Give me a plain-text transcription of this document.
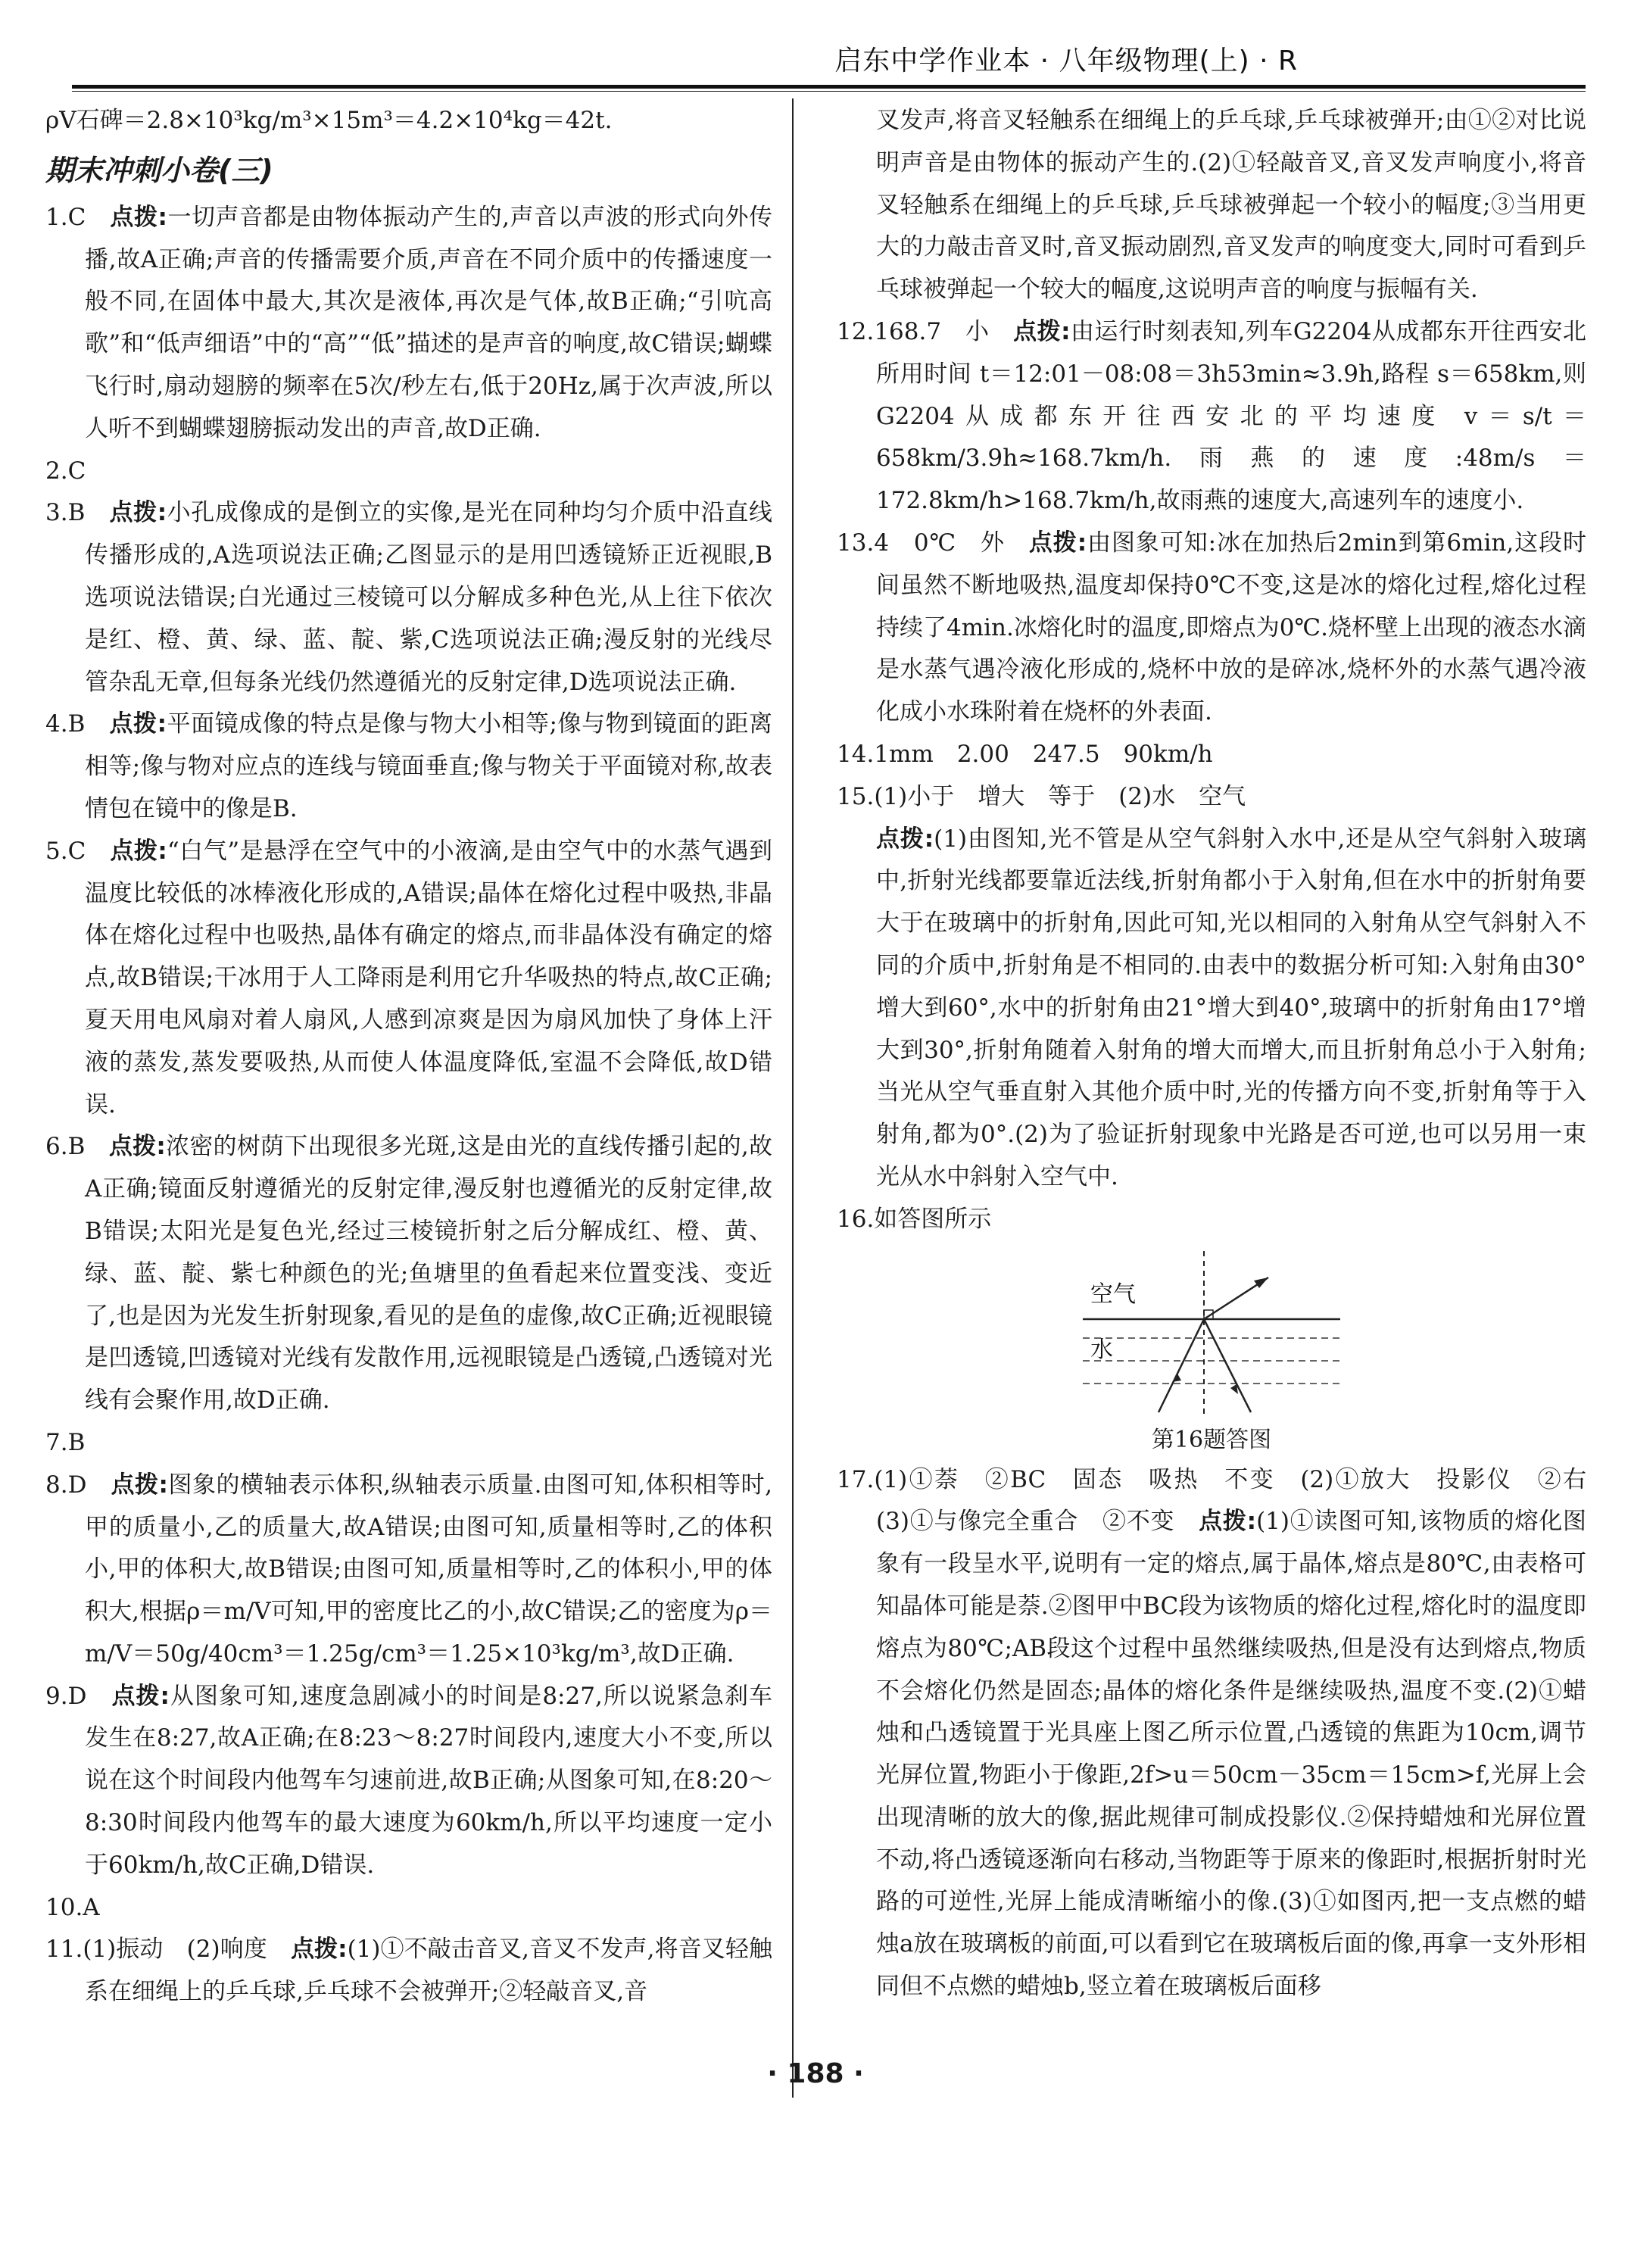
启东中学作业本 · 八年级物理(上) · R

ρV石碑＝2.8×10³kg/m³×15m³＝4.2×10⁴kg＝42t.

期末冲刺小卷(三)

1.C　 点拨:一切声音都是由物体振动产生的,声音以声波的形式向外传播,故A正确;声音的传播需要介质,声音在不同介质中的传播速度一般不同,在固体中最大,其次是液体,再次是气体,故B正确;“引吭高歌”和“低声细语”中的“高”“低”描述的是声音的响度,故C错误;蝴蝶飞行时,扇动翅膀的频率在5次/秒左右,低于20Hz,属于次声波,所以人听不到蝴蝶翅膀振动发出的声音,故D正确.

2.C

3.B　 点拨:小孔成像成的是倒立的实像,是光在同种均匀介质中沿直线传播形成的,A选项说法正确;乙图显示的是用凹透镜矫正近视眼,B选项说法错误;白光通过三棱镜可以分解成多种色光,从上往下依次是红、橙、黄、绿、蓝、靛、紫,C选项说法正确;漫反射的光线尽管杂乱无章,但每条光线仍然遵循光的反射定律,D选项说法正确.

4.B　 点拨:平面镜成像的特点是像与物大小相等;像与物到镜面的距离相等;像与物对应点的连线与镜面垂直;像与物关于平面镜对称,故表情包在镜中的像是B.

5.C　 点拨:“白气”是悬浮在空气中的小液滴,是由空气中的水蒸气遇到温度比较低的冰棒液化形成的,A错误;晶体在熔化过程中吸热,非晶体在熔化过程中也吸热,晶体有确定的熔点,而非晶体没有确定的熔点,故B错误;干冰用于人工降雨是利用它升华吸热的特点,故C正确;夏天用电风扇对着人扇风,人感到凉爽是因为扇风加快了身体上汗液的蒸发,蒸发要吸热,从而使人体温度降低,室温不会降低,故D错误.

6.B　 点拨:浓密的树荫下出现很多光斑,这是由光的直线传播引起的,故A正确;镜面反射遵循光的反射定律,漫反射也遵循光的反射定律,故B错误;太阳光是复色光,经过三棱镜折射之后分解成红、橙、黄、绿、蓝、靛、紫七种颜色的光;鱼塘里的鱼看起来位置变浅、变近了,也是因为光发生折射现象,看见的是鱼的虚像,故C正确;近视眼镜是凹透镜,凹透镜对光线有发散作用,远视眼镜是凸透镜,凸透镜对光线有会聚作用,故D正确.

7.B

8.D　 点拨:图象的横轴表示体积,纵轴表示质量.由图可知,体积相等时,甲的质量小,乙的质量大,故A错误;由图可知,质量相等时,乙的体积小,甲的体积大,故B错误;由图可知,质量相等时,乙的体积小,甲的体积大,根据ρ＝m/V可知,甲的密度比乙的小,故C错误;乙的密度为ρ＝m/V＝50g/40cm³＝1.25g/cm³＝1.25×10³kg/m³,故D正确.

9.D　 点拨:从图象可知,速度急剧减小的时间是8:27,所以说紧急刹车发生在8:27,故A正确;在8:23～8:27时间段内,速度大小不变,所以说在这个时间段内他驾车匀速前进,故B正确;从图象可知,在8:20～8:30时间段内他驾车的最大速度为60km/h,所以平均速度一定小于60km/h,故C正确,D错误.

10.A

11.(1)振动　(2)响度　 点拨:(1)①不敲击音叉,音叉不发声,将音叉轻触系在细绳上的乒乓球,乒乓球不会被弹开;②轻敲音叉,音

叉发声,将音叉轻触系在细绳上的乒乓球,乒乓球被弹开;由①②对比说明声音是由物体的振动产生的.(2)①轻敲音叉,音叉发声响度小,将音叉轻触系在细绳上的乒乓球,乒乓球被弹起一个较小的幅度;③当用更大的力敲击音叉时,音叉振动剧烈,音叉发声的响度变大,同时可看到乒乓球被弹起一个较大的幅度,这说明声音的响度与振幅有关.

12.168.7　小　 点拨:由运行时刻表知,列车G2204从成都东开往西安北所用时间 t＝12:01－08:08＝3h53min≈3.9h,路程 s＝658km,则G2204从成都东开往西安北的平均速度 v＝s/t＝658km/3.9h≈168.7km/h.雨燕的速度:48m/s＝172.8km/h>168.7km/h,故雨燕的速度大,高速列车的速度小.

13.4　0℃　外　 点拨:由图象可知:冰在加热后2min到第6min,这段时间虽然不断地吸热,温度却保持0℃不变,这是冰的熔化过程,熔化过程持续了4min.冰熔化时的温度,即熔点为0℃.烧杯壁上出现的液态水滴是水蒸气遇冷液化形成的,烧杯中放的是碎冰,烧杯外的水蒸气遇冷液化成小水珠附着在烧杯的外表面.

14.1mm　2.00　247.5　90km/h

15.(1)小于　增大　等于　(2)水　空气

点拨:(1)由图知,光不管是从空气斜射入水中,还是从空气斜射入玻璃中,折射光线都要靠近法线,折射角都小于入射角,但在水中的折射角要大于在玻璃中的折射角,因此可知,光以相同的入射角从空气斜射入不同的介质中,折射角是不相同的.由表中的数据分析可知:入射角由30°增大到60°,水中的折射角由21°增大到40°,玻璃中的折射角由17°增大到30°,折射角随着入射角的增大而增大,而且折射角总小于入射角;当光从空气垂直射入其他介质中时,光的传播方向不变,折射角等于入射角,都为0°.(2)为了验证折射现象中光路是否可逆,也可以另用一束光从水中斜射入空气中.

16.如答图所示

空气
水
第16题答图

17.(1)①萘　②BC　固态　吸热　不变　(2)①放大　投影仪　②右　(3)①与像完全重合　②不变　 点拨:(1)①读图可知,该物质的熔化图象有一段呈水平,说明有一定的熔点,属于晶体,熔点是80℃,由表格可知晶体可能是萘.②图甲中BC段为该物质的熔化过程,熔化时的温度即熔点为80℃;AB段这个过程中虽然继续吸热,但是没有达到熔点,物质不会熔化仍然是固态;晶体的熔化条件是继续吸热,温度不变.(2)①蜡烛和凸透镜置于光具座上图乙所示位置,凸透镜的焦距为10cm,调节光屏位置,物距小于像距,2f>u＝50cm－35cm＝15cm>f,光屏上会出现清晰的放大的像,据此规律可制成投影仪.②保持蜡烛和光屏位置不动,将凸透镜逐渐向右移动,当物距等于原来的像距时,根据折射时光路的可逆性,光屏上能成清晰缩小的像.(3)①如图丙,把一支点燃的蜡烛a放在玻璃板的前面,可以看到它在玻璃板后面的像,再拿一支外形相同但不点燃的蜡烛b,竖立着在玻璃板后面移

· 188 ·
